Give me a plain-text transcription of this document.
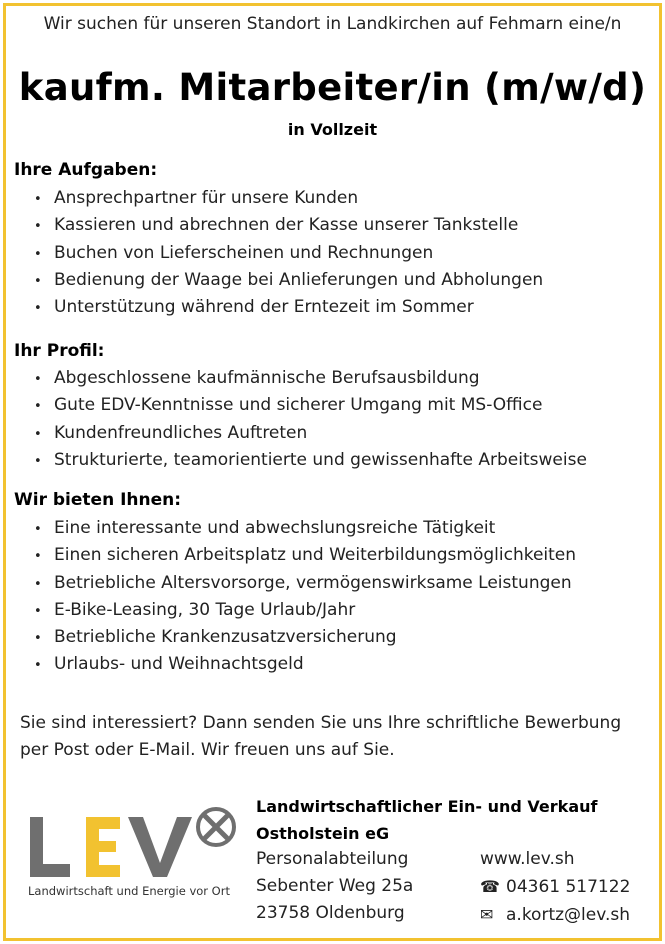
Wir suchen für unseren Standort in Landkirchen auf Fehmarn eine/n
kaufm. Mitarbeiter/in (m/w/d)
in Vollzeit
Ihre Aufgaben:
• Ansprechpartner für unsere Kunden
• Kassieren und abrechnen der Kasse unserer Tankstelle
• Buchen von Lieferscheinen und Rechnungen
• Bedienung der Waage bei Anlieferungen und Abholungen
• Unterstützung während der Erntezeit im Sommer
Ihr Profil:
• Abgeschlossene kaufmännische Berufsausbildung
• Gute EDV-Kenntnisse und sicherer Umgang mit MS-Office
• Kundenfreundliches Auftreten
• Strukturierte, teamorientierte und gewissenhafte Arbeitsweise
Wir bieten Ihnen:
• Eine interessante und abwechslungsreiche Tätigkeit
• Einen sicheren Arbeitsplatz und Weiterbildungsmöglichkeiten
• Betriebliche Altersvorsorge, vermögenswirksame Leistungen
• E-Bike-Leasing, 30 Tage Urlaub/Jahr
• Betriebliche Krankenzusatzversicherung
• Urlaubs- und Weihnachtsgeld
Sie sind interessiert? Dann senden Sie uns Ihre schriftliche Bewerbung
per Post oder E-Mail. Wir freuen uns auf Sie.
Landwirtschaft und Energie vor Ort
Landwirtschaftlicher Ein- und Verkauf
Ostholstein eG
Personalabteilung
Sebenter Weg 25a
23758 Oldenburg
www.lev.sh
☎ 04361 517122
✉ a.kortz@lev.sh
